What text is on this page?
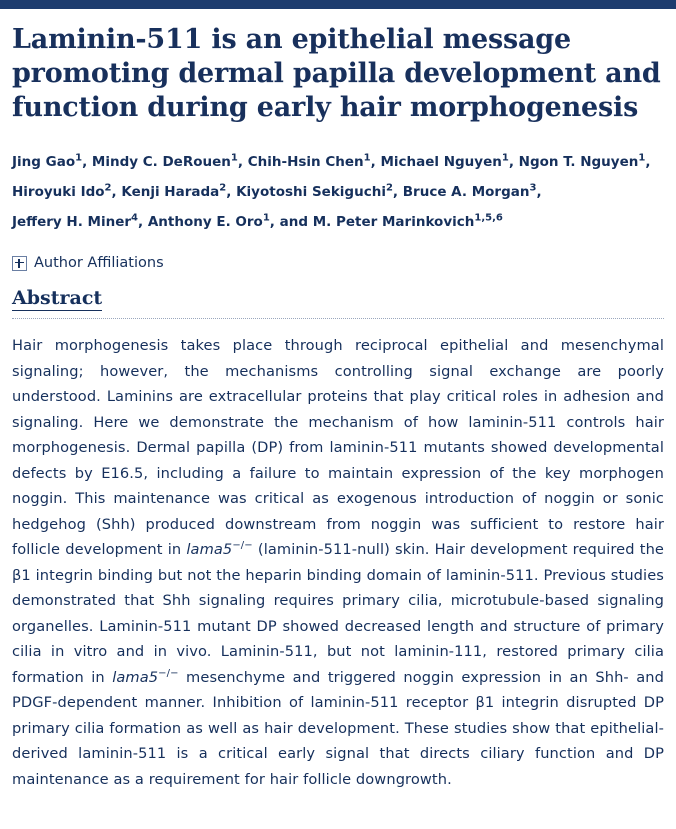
Laminin-511 is an epithelial message promoting dermal papilla development and function during early hair morphogenesis
Jing Gao$^1$, Mindy C. DeRouen$^1$, Chih-Hsin Chen$^1$, Michael Nguyen$^1$, Ngon T. Nguyen$^1$, Hiroyuki Ido$^2$, Kenji Harada$^2$, Kiyotoshi Sekiguchi$^2$, Bruce A. Morgan$^3$, Jeffery H. Miner$^4$, Anthony E. Oro$^1$, and M. Peter Marinkovich$^{1,5,6}$
Author Affiliations
Abstract
Hair morphogenesis takes place through reciprocal epithelial and mesenchymal signaling; however, the mechanisms controlling signal exchange are poorly understood. Laminins are extracellular proteins that play critical roles in adhesion and signaling. Here we demonstrate the mechanism of how laminin-511 controls hair morphogenesis. Dermal papilla (DP) from laminin-511 mutants showed developmental defects by E16.5, including a failure to maintain expression of the key morphogen noggin. This maintenance was critical as exogenous introduction of noggin or sonic hedgehog (Shh) produced downstream from noggin was sufficient to restore hair follicle development in lama5−/− (laminin-511-null) skin. Hair development required the β1 integrin binding but not the heparin binding domain of laminin-511. Previous studies demonstrated that Shh signaling requires primary cilia, microtubule-based signaling organelles. Laminin-511 mutant DP showed decreased length and structure of primary cilia in vitro and in vivo. Laminin-511, but not laminin-111, restored primary cilia formation in lama5−/− mesenchyme and triggered noggin expression in an Shh- and PDGF-dependent manner. Inhibition of laminin-511 receptor β1 integrin disrupted DP primary cilia formation as well as hair development. These studies show that epithelial-derived laminin-511 is a critical early signal that directs ciliary function and DP maintenance as a requirement for hair follicle downgrowth.
